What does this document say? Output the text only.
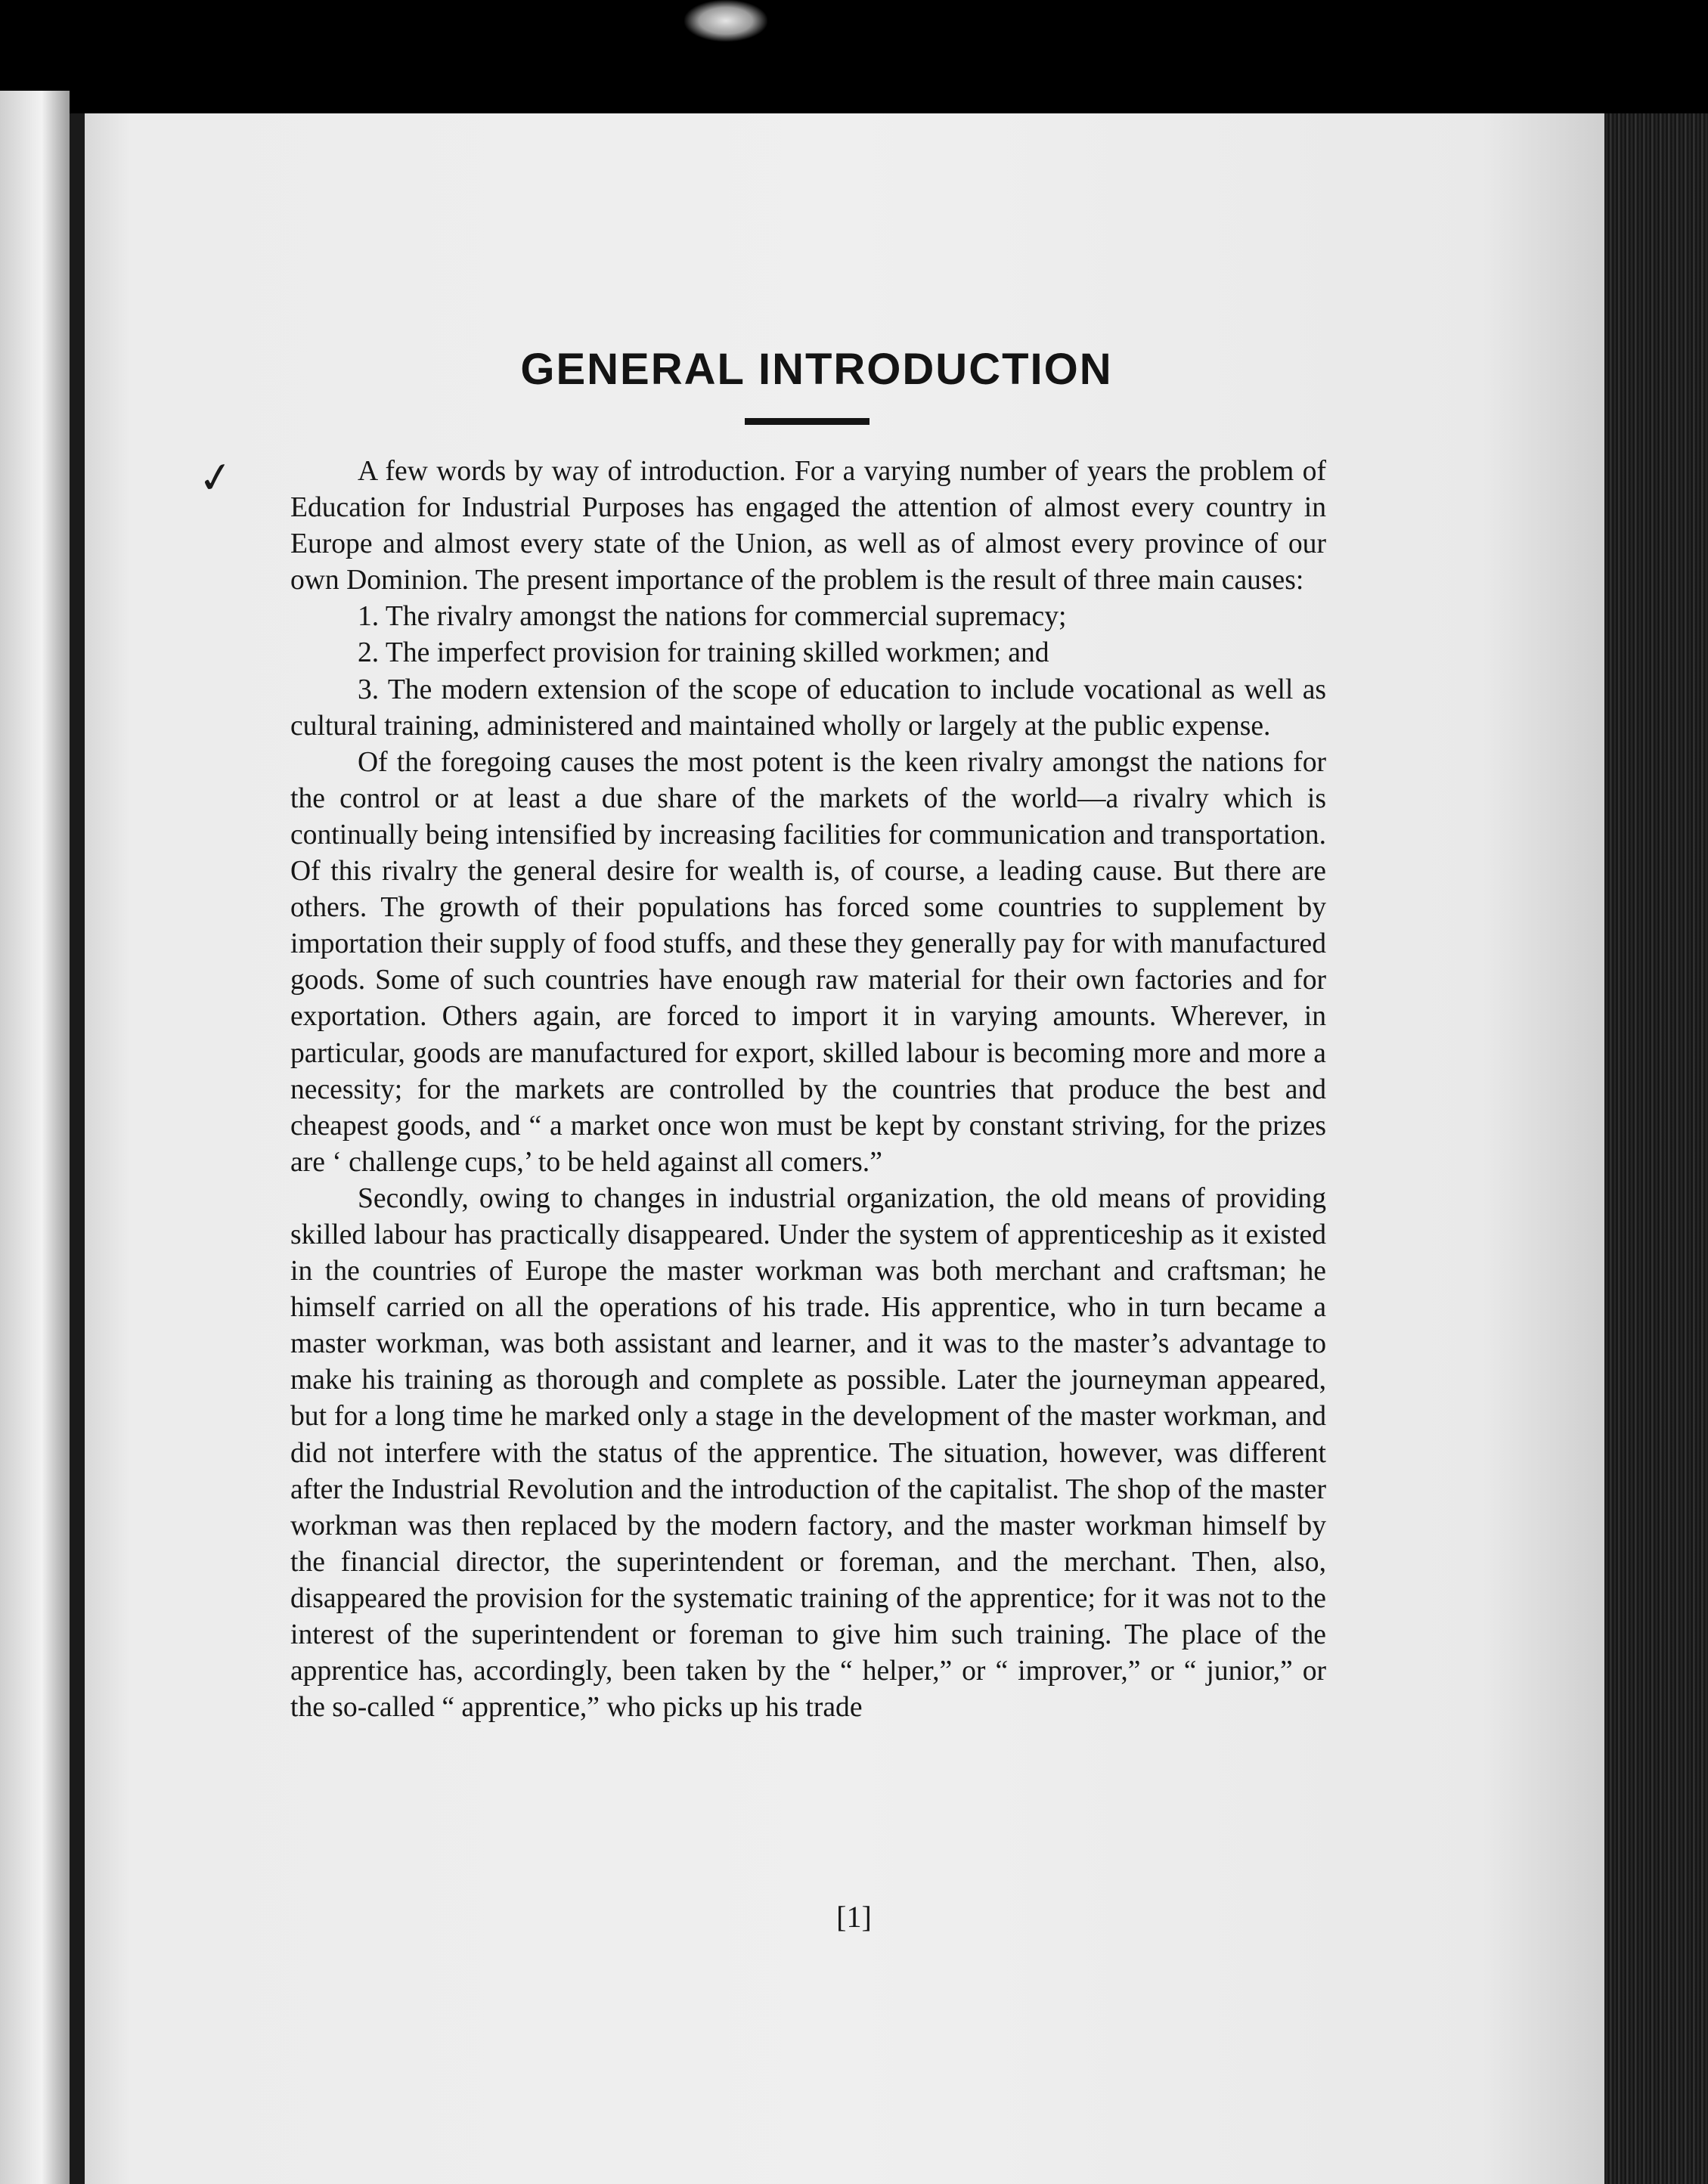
GENERAL INTRODUCTION
✓	A few words by way of introduction. For a varying number of years the problem of Education for Industrial Purposes has engaged the attention of almost every country in Europe and almost every state of the Union, as well as of almost every province of our own Dominion. The present importance of the problem is the result of three main causes:

1. The rivalry amongst the nations for commercial supremacy;

2. The imperfect provision for training skilled workmen; and

3. The modern extension of the scope of education to include vocational as well as cultural training, administered and maintained wholly or largely at the public expense.

Of the foregoing causes the most potent is the keen rivalry amongst the nations for the control or at least a due share of the markets of the world—a rivalry which is continually being intensified by increasing facilities for communication and transportation. Of this rivalry the general desire for wealth is, of course, a leading cause. But there are others. The growth of their populations has forced some countries to supplement by importation their supply of food stuffs, and these they generally pay for with manufactured goods. Some of such countries have enough raw material for their own factories and for exportation. Others again, are forced to import it in varying amounts. Wherever, in particular, goods are manufactured for export, skilled labour is becoming more and more a necessity; for the markets are controlled by the countries that produce the best and cheapest goods, and “ a market once won must be kept by constant striving, for the prizes are ‘ challenge cups,’ to be held against all comers.”

Secondly, owing to changes in industrial organization, the old means of providing skilled labour has practically disappeared. Under the system of apprenticeship as it existed in the countries of Europe the master workman was both merchant and craftsman; he himself carried on all the operations of his trade. His apprentice, who in turn became a master workman, was both assistant and learner, and it was to the master’s advantage to make his training as thorough and complete as possible. Later the journeyman appeared, but for a long time he marked only a stage in the development of the master workman, and did not interfere with the status of the apprentice. The situation, however, was different after the Industrial Revolution and the introduction of the capitalist. The shop of the master workman was then replaced by the modern factory, and the master workman himself by the financial director, the superintendent or foreman, and the merchant. Then, also, disappeared the provision for the systematic training of the apprentice; for it was not to the interest of the superintendent or foreman to give him such training. The place of the apprentice has, accordingly, been taken by the “ helper,” or “ improver,” or “ junior,” or the so-called “ apprentice,” who picks up his trade

[1]
